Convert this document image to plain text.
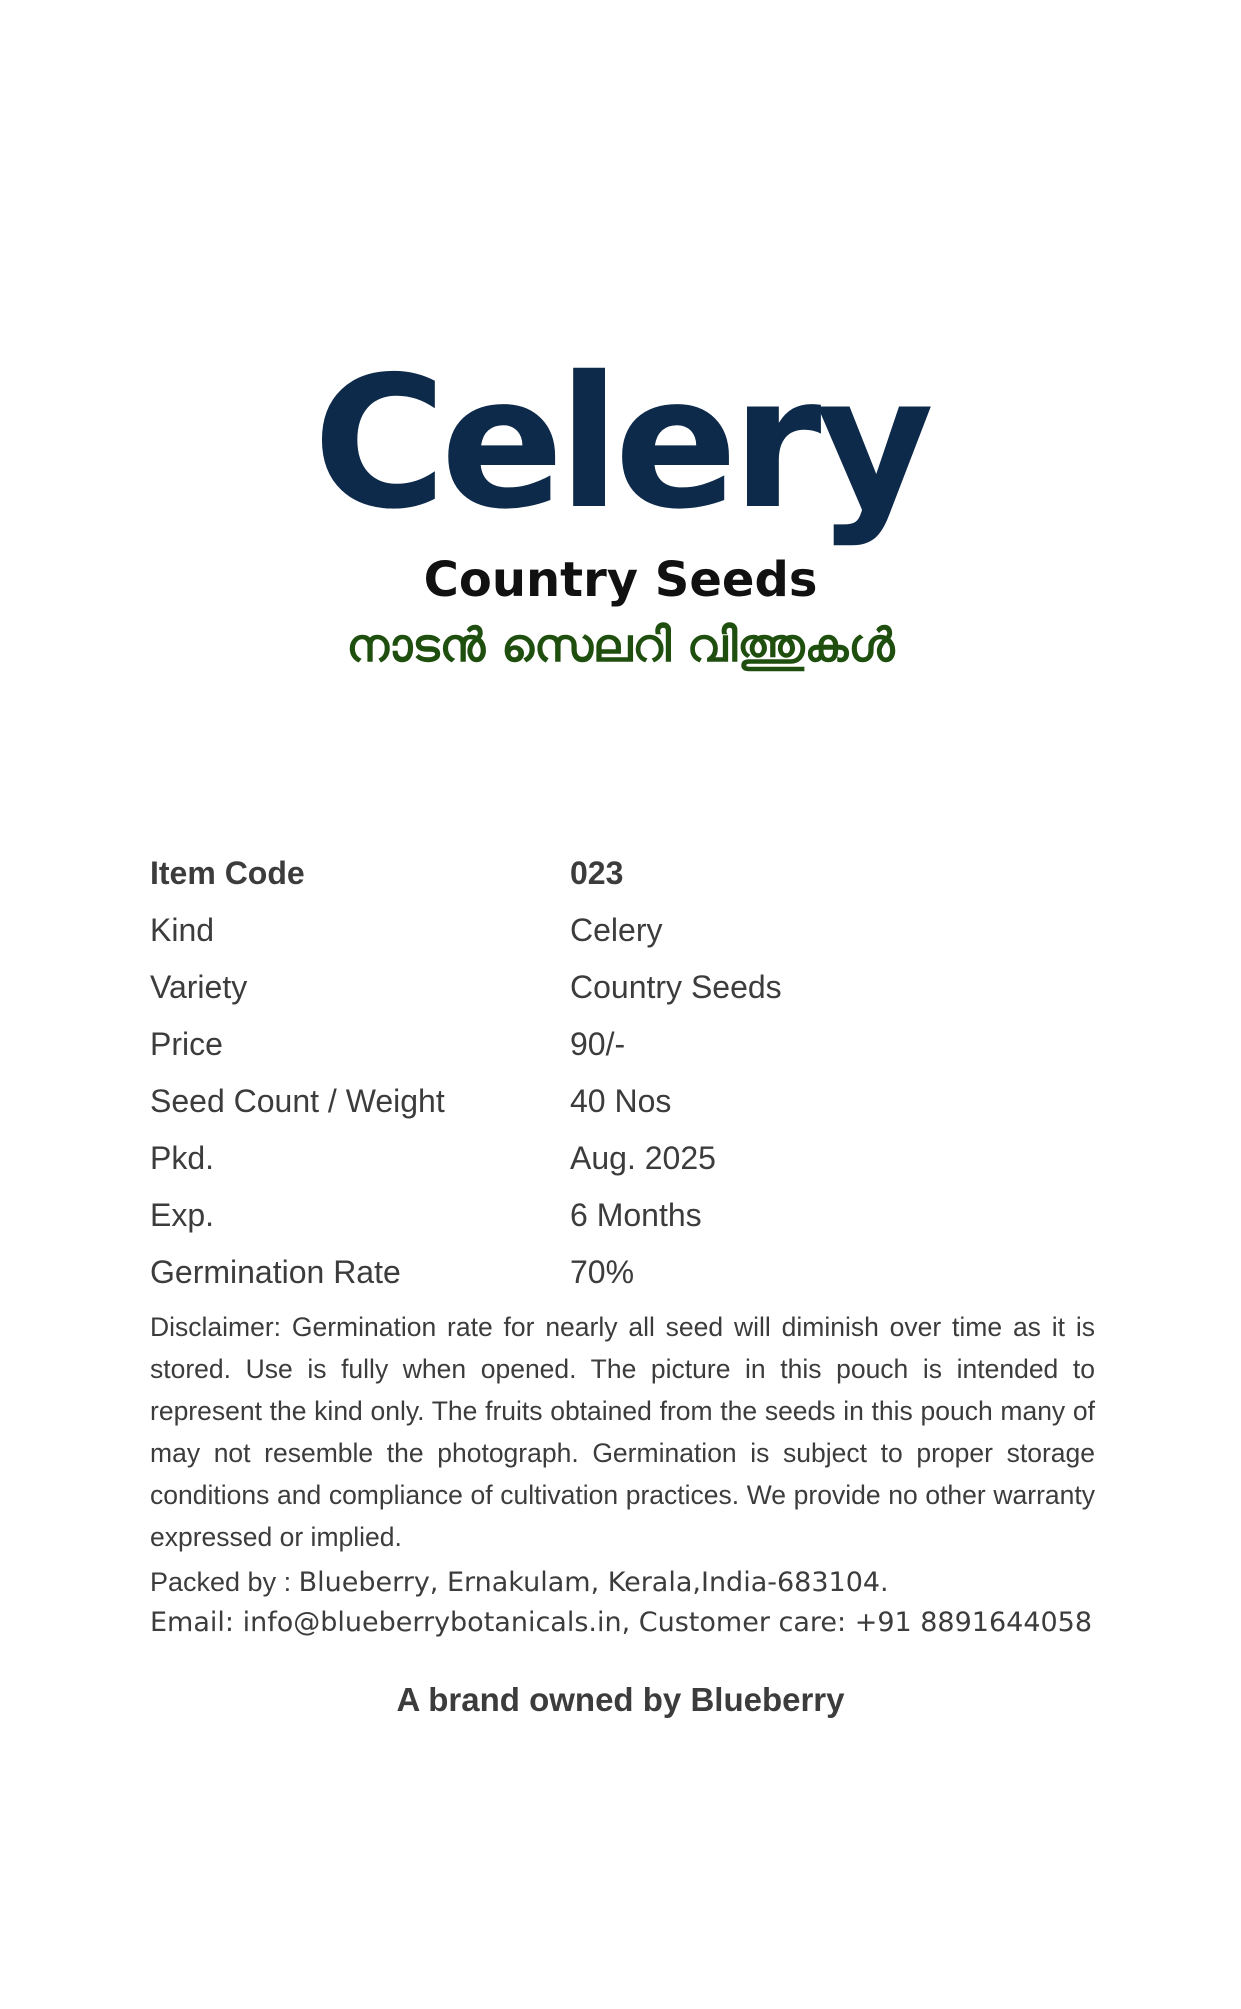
Celery
Country Seeds
നാടൻ സെലറി വിത്തുകൾ
Item Code	023
Kind	Celery
Variety	Country Seeds
Price	90/-
Seed Count / Weight	40 Nos
Pkd.	Aug. 2025
Exp.	6 Months
Germination Rate	70%
Disclaimer: Germination rate for nearly all seed will diminish over time as it is stored. Use is fully when opened. The picture in this pouch is intended to represent the kind only. The fruits obtained from the seeds in this pouch many of may not resemble the photograph. Germination is subject to proper storage conditions and compliance of cultivation practices. We provide no other warranty expressed or implied.
Packed by : Blueberry, Ernakulam, Kerala,India-683104.
Email: info@blueberrybotanicals.in, Customer care: +91 8891644058
A brand owned by Blueberry
